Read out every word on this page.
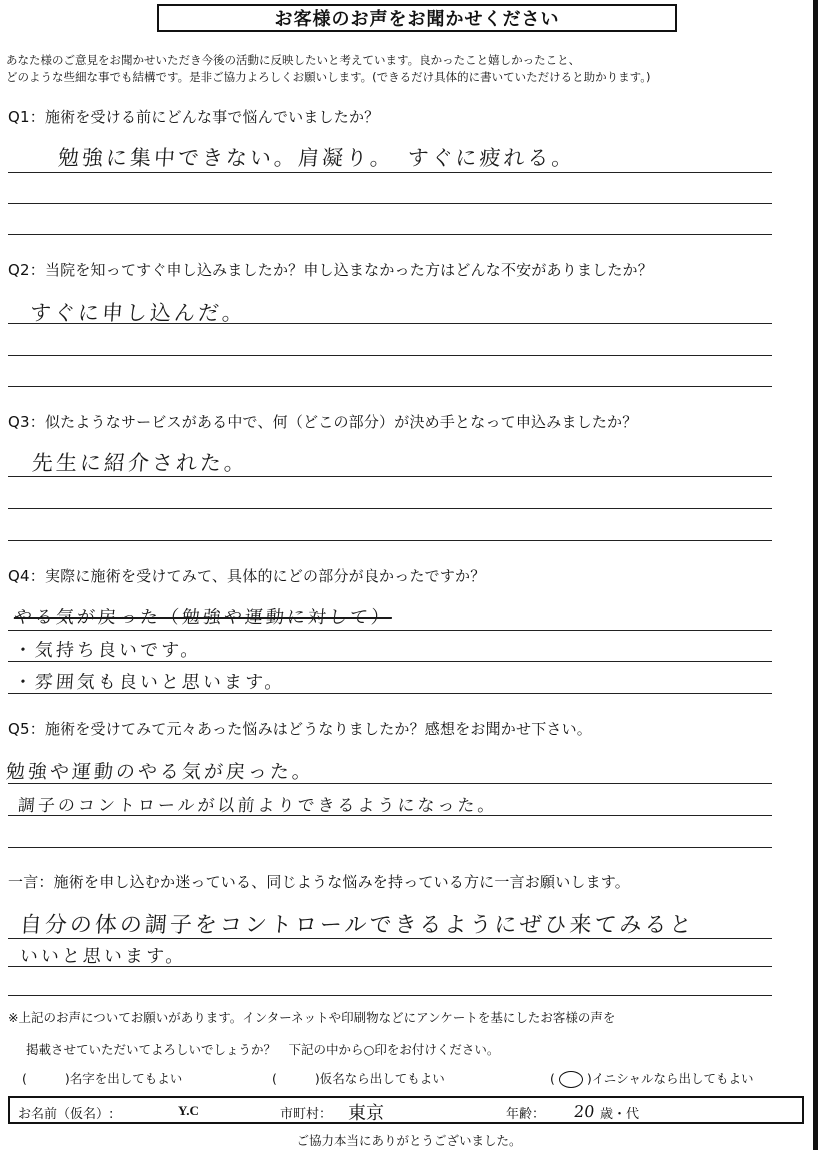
お客様のお声をお聞かせください
あなた様のご意見をお聞かせいただき今後の活動に反映したいと考えています。良かったこと嬉しかったこと、
どのような些細な事でも結構です。是非ご協力よろしくお願いします。(できるだけ具体的に書いていただけると助かります。)
Q1：施術を受ける前にどんな事で悩んでいましたか？
勉強に集中できない。肩凝り。　すぐに疲れる。
Q2：当院を知ってすぐ申し込みましたか？申し込まなかった方はどんな不安がありましたか？
すぐに申し込んだ。
Q3：似たようなサービスがある中で、何（どこの部分）が決め手となって申込みましたか？
先生に紹介された。
Q4：実際に施術を受けてみて、具体的にどの部分が良かったですか？
やる気が戻った（勉強や運動に対して）
・気持ち良いです。
・雰囲気も良いと思います。
Q5：施術を受けてみて元々あった悩みはどうなりましたか？感想をお聞かせ下さい。
勉強や運動のやる気が戻った。
調子のコントロールが以前よりできるようになった。
一言：施術を申し込むか迷っている、同じような悩みを持っている方に一言お願いします。
自分の体の調子をコントロールできるようにぜひ来てみると
いいと思います。
※上記のお声についてお願いがあります。インターネットや印刷物などにアンケートを基にしたお客様の声を
掲載させていただいてよろしいでしょうか？　下記の中から○印をお付けください。
(	)名字を出してもよい	(	)仮名なら出してもよい	(	)イニシャルなら出してもよい
お名前（仮名）:	Y.C	市町村： 東京	年齢： 20 歳・代
ご協力本当にありがとうございました。
